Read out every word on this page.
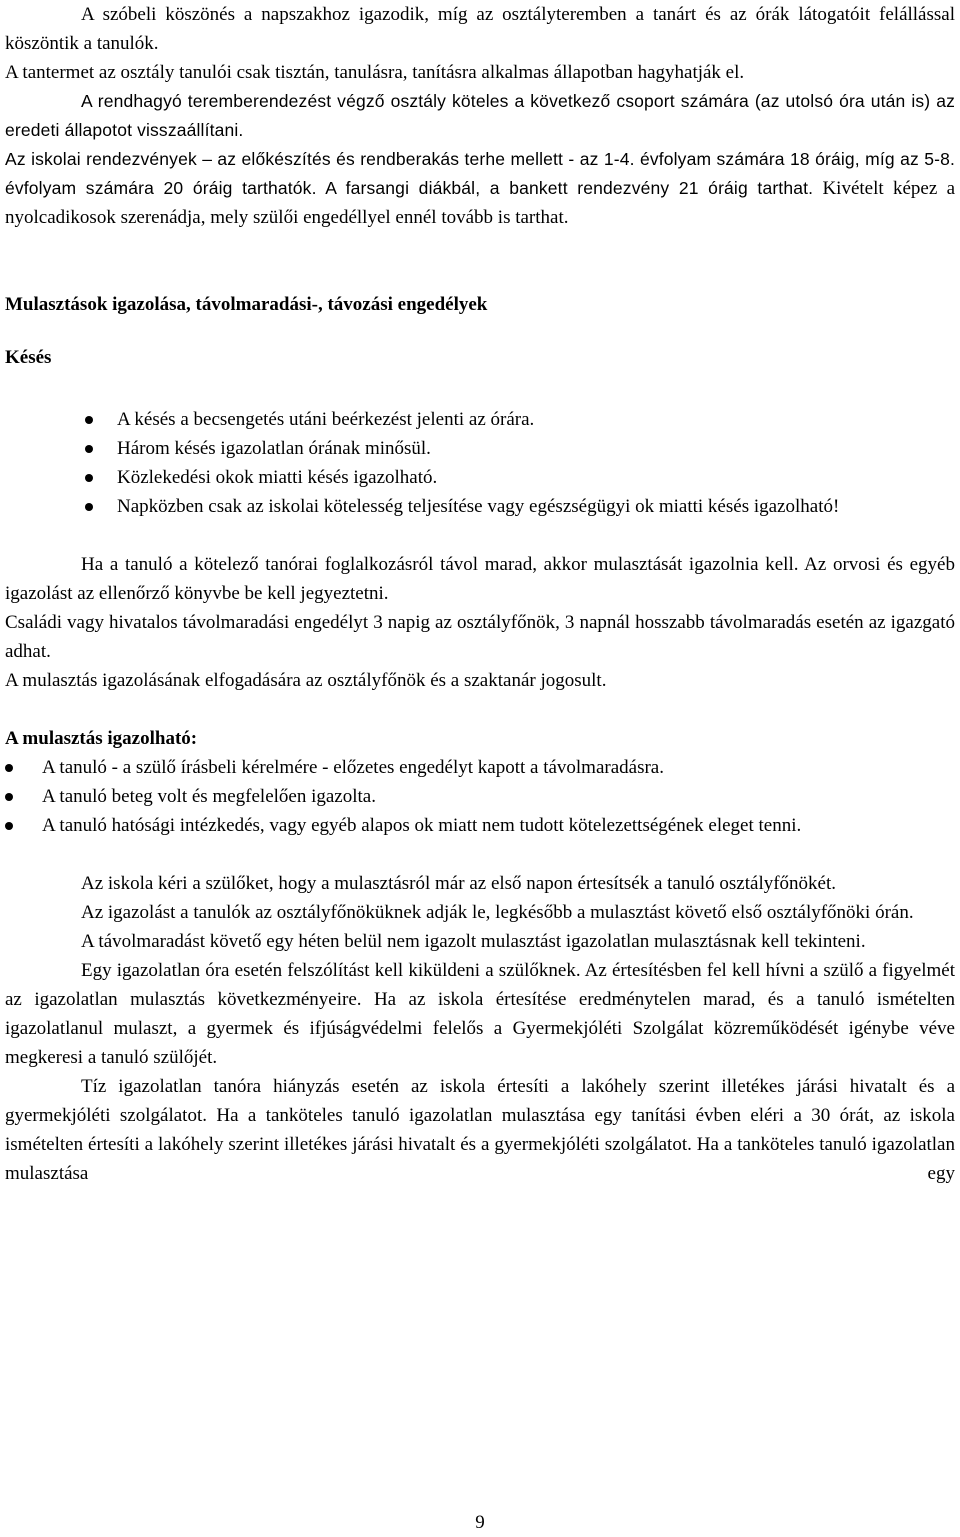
A szóbeli köszönés a napszakhoz igazodik, míg az osztályteremben a tanárt és az órák látogatóit felállással köszöntik a tanulók.

A tantermet az osztály tanulói csak tisztán, tanulásra, tanításra alkalmas állapotban hagyhatják el.

A rendhagyó teremberendezést végző osztály köteles a következő csoport számára (az utolsó óra után is) az eredeti állapotot visszaállítani.

Az iskolai rendezvények – az előkészítés és rendberakás terhe mellett - az 1-4. évfolyam számára 18 óráig, míg az 5-8. évfolyam számára 20 óráig tarthatók. A farsangi diákbál, a bankett rendezvény 21 óráig tarthat. Kivételt képez a nyolcadikosok szerenádja, mely szülői engedéllyel ennél tovább is tarthat.

Mulasztások igazolása, távolmaradási-, távozási engedélyek

Késés

A késés a becsengetés utáni beérkezést jelenti az órára.
Három késés igazolatlan órának minősül.
Közlekedési okok miatti késés igazolható.
Napközben csak az iskolai kötelesség teljesítése vagy egészségügyi ok miatti késés igazolható!

Ha a tanuló a kötelező tanórai foglalkozásról távol marad, akkor mulasztását igazolnia kell. Az orvosi és egyéb igazolást az ellenőrző könyvbe be kell jegyeztetni.

Családi vagy hivatalos távolmaradási engedélyt 3 napig az osztályfőnök, 3 napnál hosszabb távolmaradás esetén az igazgató adhat.

A mulasztás igazolásának elfogadására az osztályfőnök és a szaktanár jogosult.

A mulasztás igazolható:

A tanuló - a szülő írásbeli kérelmére - előzetes engedélyt kapott a távolmaradásra.
A tanuló beteg volt és megfelelően igazolta.
A tanuló hatósági intézkedés, vagy egyéb alapos ok miatt nem tudott kötelezettségének eleget tenni.

Az iskola kéri a szülőket, hogy a mulasztásról már az első napon értesítsék a tanuló osztályfőnökét.

Az igazolást a tanulók az osztályfőnöküknek adják le, legkésőbb a mulasztást követő első osztályfőnöki órán.

A távolmaradást követő egy héten belül nem igazolt mulasztást igazolatlan mulasztásnak kell tekinteni.

Egy igazolatlan óra esetén felszólítást kell kiküldeni a szülőknek. Az értesítésben fel kell hívni a szülő a figyelmét az igazolatlan mulasztás következményeire. Ha az iskola értesítése eredménytelen marad, és a tanuló ismételten igazolatlanul mulaszt, a gyermek és ifjúságvédelmi felelős a Gyermekjóléti Szolgálat közreműködését igénybe véve megkeresi a tanuló szülőjét.

Tíz igazolatlan tanóra hiányzás esetén az iskola értesíti a lakóhely szerint illetékes járási hivatalt és a gyermekjóléti szolgálatot. Ha a tanköteles tanuló igazolatlan mulasztása egy tanítási évben eléri a 30 órát, az iskola ismételten értesíti a lakóhely szerint illetékes járási hivatalt és a gyermekjóléti szolgálatot. Ha a tanköteles tanuló igazolatlan mulasztása egy

9
